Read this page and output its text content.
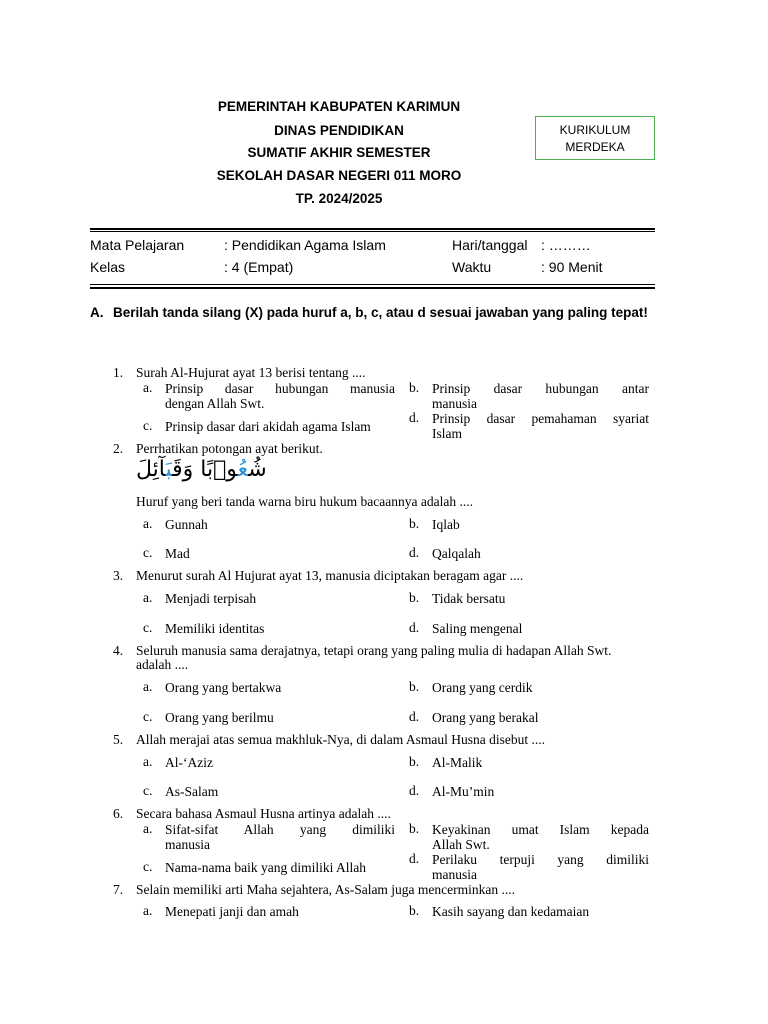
PEMERINTAH KABUPATEN KARIMUN
DINAS PENDIDIKAN
SUMATIF AKHIR SEMESTER
SEKOLAH DASAR NEGERI 011 MORO
TP. 2024/2025
KURIKULUM
MERDEKA
Mata Pelajaran	: Pendidikan Agama Islam	Hari/tanggal : ………
Kelas	: 4 (Empat)	Waktu	: 90 Menit
A. Berilah tanda silang (X) pada huruf a, b, c, atau d sesuai jawaban yang paling tepat!
1. Surah Al-Hujurat ayat 13 berisi tentang ....
a. Prinsip dasar hubungan manusia
dengan Allah Swt.
b. Prinsip dasar hubungan antar
manusia
c. Prinsip dasar dari akidah agama Islam
d. Prinsip dasar pemahaman syariat
Islam
2. Perrhatikan potongan ayat berikut.
شُعُوۡبًا وَقَبَآئِلَ
Huruf yang beri tanda warna biru hukum bacaannya adalah ....
a. Gunnah	b. Iqlab
c. Mad	d. Qalqalah
3. Menurut surah Al Hujurat ayat 13, manusia diciptakan beragam agar ....
a. Menjadi terpisah	b. Tidak bersatu
c. Memiliki identitas	d. Saling mengenal
4. Seluruh manusia sama derajatnya, tetapi orang yang paling mulia di hadapan Allah Swt.
adalah ....
a. Orang yang bertakwa	b. Orang yang cerdik
c. Orang yang berilmu	d. Orang yang berakal
5. Allah merajai atas semua makhluk-Nya, di dalam Asmaul Husna disebut ....
a. Al-‘Aziz	b. Al-Malik
c. As-Salam	d. Al-Mu’min
6. Secara bahasa Asmaul Husna artinya adalah ....
a. Sifat-sifat Allah yang dimiliki
manusia
b. Keyakinan umat Islam kepada
Allah Swt.
c. Nama-nama baik yang dimiliki Allah
d. Perilaku terpuji yang dimiliki
manusia
7. Selain memiliki arti Maha sejahtera, As-Salam juga mencerminkan ....
a. Menepati janji dan amah	b. Kasih sayang dan kedamaian
